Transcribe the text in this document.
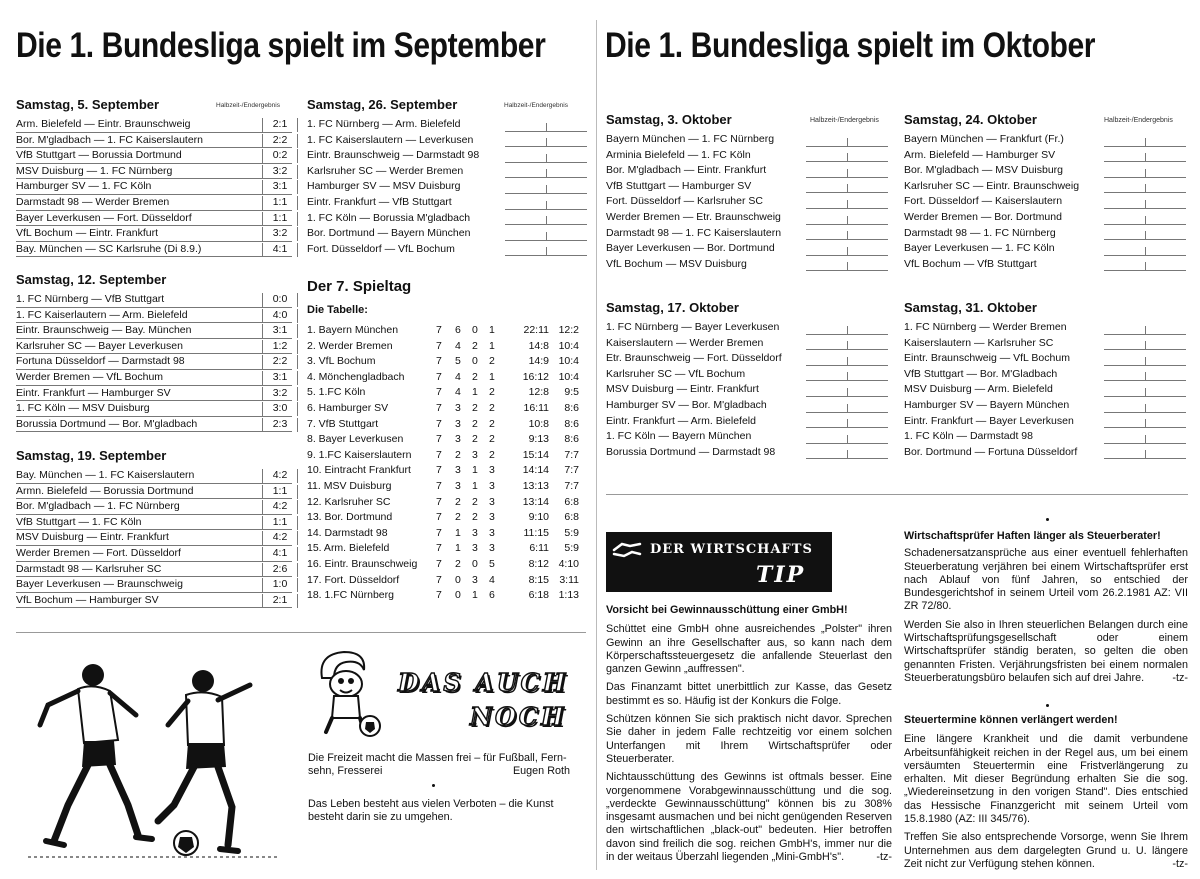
Die 1. Bundesliga spielt im September Die 1. Bundesliga spielt im Oktober
Samstag, 5. September	Halbzeit-/Endergebnis
Arm. Bielefeld — Eintr. Braunschweig	2:1
Bor. M'gladbach — 1. FC Kaiserslautern	2:2
VfB Stuttgart — Borussia Dortmund	0:2
MSV Duisburg — 1. FC Nürnberg	3:2
Hamburger SV — 1. FC Köln	3:1
Darmstadt 98 — Werder Bremen	1:1
Bayer Leverkusen — Fort. Düsseldorf	1:1
VfL Bochum — Eintr. Frankfurt	3:2
Bay. München — SC Karlsruhe (Di 8.9.)	4:1
Samstag, 12. September
1. FC Nürnberg — VfB Stuttgart	0:0
1. FC Kaiserlautern — Arm. Bielefeld	4:0
Eintr. Braunschweig — Bay. München	3:1
Karlsruher SC — Bayer Leverkusen	1:2
Fortuna Düsseldorf — Darmstadt 98	2:2
Werder Bremen — VfL Bochum	3:1
Eintr. Frankfurt — Hamburger SV	3:2
1. FC Köln — MSV Duisburg	3:0
Borussia Dortmund — Bor. M'gladbach	2:3
Samstag, 19. September
Bay. München — 1. FC Kaiserslautern	4:2
Armn. Bielefeld — Borussia Dortmund	1:1
Bor. M'gladbach — 1. FC Nürnberg	4:2
VfB Stuttgart — 1. FC Köln	1:1
MSV Duisburg — Eintr. Frankfurt	4:2
Werder Bremen — Fort. Düsseldorf	4:1
Darmstadt 98 — Karlsruher SC	2:6
Bayer Leverkusen — Braunschweig	1:0
VfL Bochum — Hamburger SV	2:1
Samstag, 26. September	Halbzeit-/Endergebnis
1. FC Nürnberg — Arm. Bielefeld
1. FC Kaiserslautern — Leverkusen
Eintr. Braunschweig — Darmstadt 98
Karlsruher SC — Werder Bremen
Hamburger SV — MSV Duisburg
Eintr. Frankfurt — VfB Stuttgart
1. FC Köln — Borussia M'gladbach
Bor. Dortmund — Bayern München
Fort. Düsseldorf — VfL Bochum
Der 7. Spieltag
Die Tabelle:
1. Bayern München	7 6 0 1	22:11 12:2
2. Werder Bremen	7 4 2 1	14:8 10:4
3. VfL Bochum	7 5 0 2	14:9 10:4
4. Mönchengladbach	7 4 2 1	16:12 10:4
5. 1.FC Köln	7 4 1 2	12:8	9:5
6. Hamburger SV	7 3 2 2	16:11	8:6
7. VfB Stuttgart	7 3 2 2	10:8	8:6
8. Bayer Leverkusen	7 3 2 2	9:13	8:6
9. 1.FC Kaiserslautern 7 2 3 2	15:14	7:7
10. Eintracht Frankfurt 7 3 1 3	14:14	7:7
11. MSV Duisburg	7 3 1 3	13:13	7:7
12. Karlsruher SC	7 2 2 3	13:14	6:8
13. Bor. Dortmund	7 2 2 3	9:10	6:8
14. Darmstadt 98	7 1 3 3	11:15	5:9
15. Arm. Bielefeld	7 1 3 3	6:11	5:9
16. Eintr. Braunschweig 7 2 0 5	8:12 4:10
17. Fort. Düsseldorf	7 0 3 4	8:15 3:11
18. 1.FC Nürnberg	7 0 1 6	6:18 1:13
Samstag, 3. Oktober	Halbzeit-/Endergebnis
Bayern München — 1. FC Nürnberg
Arminia Bielefeld — 1. FC Köln
Bor. M'gladbach — Eintr. Frankfurt
VfB Stuttgart — Hamburger SV
Fort. Düsseldorf — Karlsruher SC
Werder Bremen — Etr. Braunschweig
Darmstadt 98 — 1. FC Kaiserslautern
Bayer Leverkusen — Bor. Dortmund
VfL Bochum — MSV Duisburg
Samstag, 24. Oktober	Halbzeit-/Endergebnis
Bayern München — Frankfurt (Fr.)
Arm. Bielefeld — Hamburger SV
Bor. M'gladbach — MSV Duisburg
Karlsruher SC — Eintr. Braunschweig
Fort. Düsseldorf — Kaiserslautern
Werder Bremen — Bor. Dortmund
Darmstadt 98 — 1. FC Nürnberg
Bayer Leverkusen — 1. FC Köln
VfL Bochum — VfB Stuttgart
Samstag, 17. Oktober
1. FC Nürnberg — Bayer Leverkusen
Kaiserslautern — Werder Bremen
Etr. Braunschweig — Fort. Düsseldorf
Karlsruher SC — VfL Bochum
MSV Duisburg — Eintr. Frankfurt
Hamburger SV — Bor. M'gladbach
Eintr. Frankfurt — Arm. Bielefeld
1. FC Köln — Bayern München
Borussia Dortmund — Darmstadt 98
Samstag, 31. Oktober
1. FC Nürnberg — Werder Bremen
Kaiserslautern — Karlsruher SC
Eintr. Braunschweig — VfL Bochum
VfB Stuttgart — Bor. M'Gladbach
MSV Duisburg — Arm. Bielefeld
Hamburger SV — Bayern München
Eintr. Frankfurt — Bayer Leverkusen
1. FC Köln — Darmstadt 98
Bor. Dortmund — Fortuna Düsseldorf
DAS AUCH
NOCH
Die Freizeit macht die Massen frei – für Fußball, Fern-
sehn, Fresserei	Eugen Roth
Das Leben besteht aus vielen Verboten – die Kunst
besteht darin sie zu umgehen.
DER WIRTSCHAFTS
TIP

Vorsicht bei Gewinnausschüttung einer GmbH!

Schüttet eine GmbH ohne ausreichendes „Polster" ihren Gewinn an ihre Gesellschafter aus, so kann nach dem Körperschaftssteuergesetz die anfallende Steuerlast den ganzen Gewinn „auffressen".

Das Finanzamt bittet unerbittlich zur Kasse, das Gesetz bestimmt es so. Häufig ist der Konkurs die Folge.

Schützen können Sie sich praktisch nicht davor. Sprechen Sie daher in jedem Falle rechtzeitig vor einem solchen Unterfangen mit Ihrem Wirtschaftsprüfer oder Steuerberater.

Nichtausschüttung des Gewinns ist oftmals besser. Eine vorgenommene Vorabgewinnausschüttung und die sog. „verdeckte Gewinnausschüttung" können bis zu 308% insgesamt ausmachen und bei nicht genügenden Reserven den wirtschaftlichen „black-out" bedeuten. Hier betroffen davon sind freilich die sog. reichen GmbH's, immer nur die in der weitaus Überzahl liegenden „Mini-GmbH's".	-tz-

Wirtschaftsprüfer Haften länger als Steuerberater!

Schadenersatzansprüche aus einer eventuell fehlerhaften Steuerberatung verjähren bei einem Wirtschaftsprüfer erst nach Ablauf von fünf Jahren, so entschied der Bundesgerichtshof in seinem Urteil vom 26.2.1981 AZ: VII ZR 72/80.

Werden Sie also in Ihren steuerlichen Belangen durch eine Wirtschaftsprüfungsgesellschaft oder einem Wirtschaftsprüfer ständig beraten, so gelten die oben genannten Fristen. Verjährungsfristen bei einem normalen Steuerberatungsbüro belaufen sich auf drei Jahre.	-tz-

Steuertermine können verlängert werden!

Eine längere Krankheit und die damit verbundene Arbeitsunfähigkeit reichen in der Regel aus, um bei einem versäumten Steuertermin eine Fristverlängerung zu erhalten. Mit dieser Begründung erhalten Sie die sog. „Wiedereinsetzung in den vorigen Stand". Dies entschied das Hessische Finanzgericht mit seinem Urteil vom 15.8.1980 (AZ: III 345/76).

Treffen Sie also entsprechende Vorsorge, wenn Sie Ihrem Unternehmen aus dem dargelegten Grund u. U. längere Zeit nicht zur Verfügung stehen können.	-tz-
